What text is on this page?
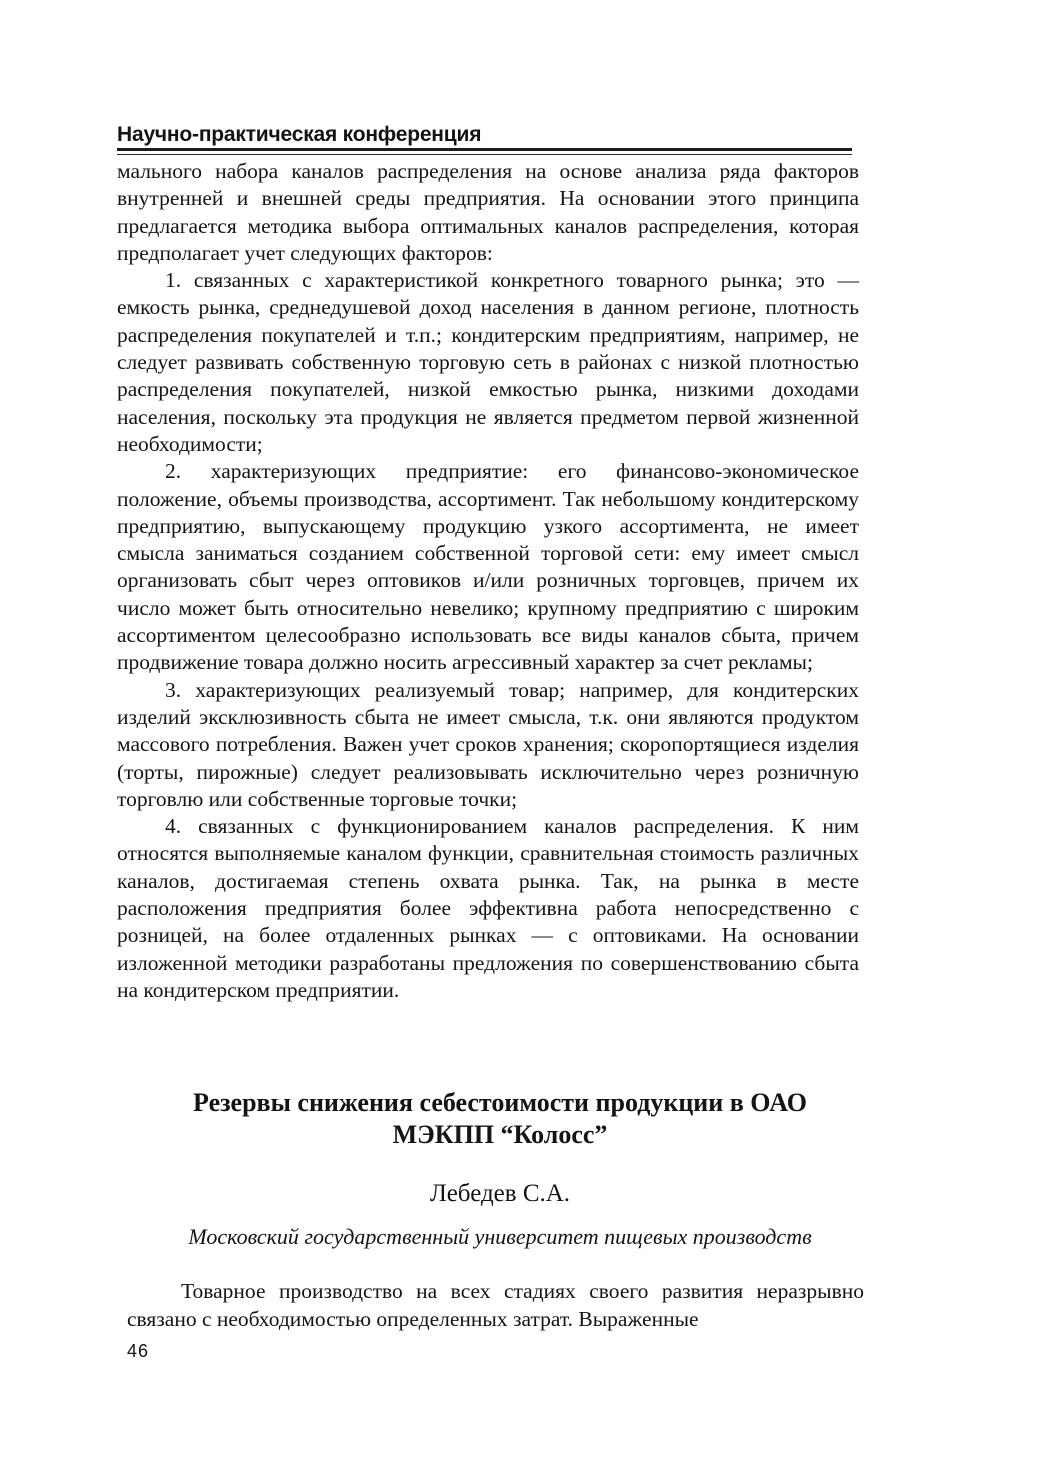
Научно-практическая конференция

мального набора каналов распределения на основе анализа ряда факторов внутренней и внешней среды предприятия. На основании этого принципа предлагается методика выбора оптимальных каналов распределения, которая предполагает учет следующих факторов:

1. связанных с характеристикой конкретного товарного рынка; это — емкость рынка, среднедушевой доход населения в данном регионе, плотность распределения покупателей и т.п.; кондитерским предприятиям, например, не следует развивать собственную торговую сеть в районах с низкой плотностью распределения покупателей, низкой емкостью рынка, низкими доходами населения, поскольку эта продукция не является предметом первой жизненной необходимости;

2. характеризующих предприятие: его финансово-экономическое положение, объемы производства, ассортимент. Так небольшому кондитерскому предприятию, выпускающему продукцию узкого ассортимента, не имеет смысла заниматься созданием собственной торговой сети: ему имеет смысл организовать сбыт через оптовиков и/или розничных торговцев, причем их число может быть относительно невелико; крупному предприятию с широким ассортиментом целесообразно использовать все виды каналов сбыта, причем продвижение товара должно носить агрессивный характер за счет рекламы;

3. характеризующих реализуемый товар; например, для кондитерских изделий эксклюзивность сбыта не имеет смысла, т.к. они являются продуктом массового потребления. Важен учет сроков хранения; скоропортящиеся изделия (торты, пирожные) следует реализовывать исключительно через розничную торговлю или собственные торговые точки;

4. связанных с функционированием каналов распределения. К ним относятся выполняемые каналом функции, сравнительная стоимость различных каналов, достигаемая степень охвата рынка. Так, на рынка в месте расположения предприятия более эффективна работа непосредственно с розницей, на более отдаленных рынках — с оптовиками. На основании изложенной методики разработаны предложения по совершенствованию сбыта на кондитерском предприятии.

Резервы снижения себестоимости продукции в ОАО
МЭКПП “Колосс”
Лебедев С.А.
Московский государственный университет пищевых производств

Товарное производство на всех стадиях своего развития неразрывно связано с необходимостью определенных затрат. Выраженные

46
